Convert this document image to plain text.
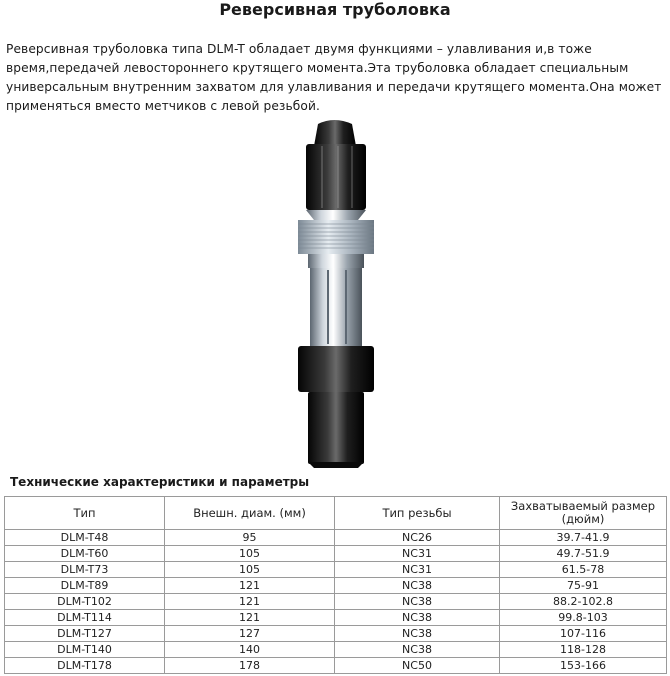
Реверсивная труболовка
Реверсивная труболовка типа DLM-T обладает двумя функциями – улавливания и,в тоже время,передачей левостороннего крутящего момента.Эта труболовка обладает специальным универсальным внутренним захватом для улавливания и передачи крутящего момента.Она может применяться вместо метчиков с левой резьбой.
Технические характеристики и параметры
Тип	Внешн. диам. (мм)	Тип резьбы	Захватываемый размер (дюйм)
DLM-T48	95	NC26	39.7-41.9
DLM-T60	105	NC31	49.7-51.9
DLM-T73	105	NC31	61.5-78
DLM-T89	121	NC38	75-91
DLM-T102	121	NC38	88.2-102.8
DLM-T114	121	NC38	99.8-103
DLM-T127	127	NC38	107-116
DLM-T140	140	NC38	118-128
DLM-T178	178	NC50	153-166
